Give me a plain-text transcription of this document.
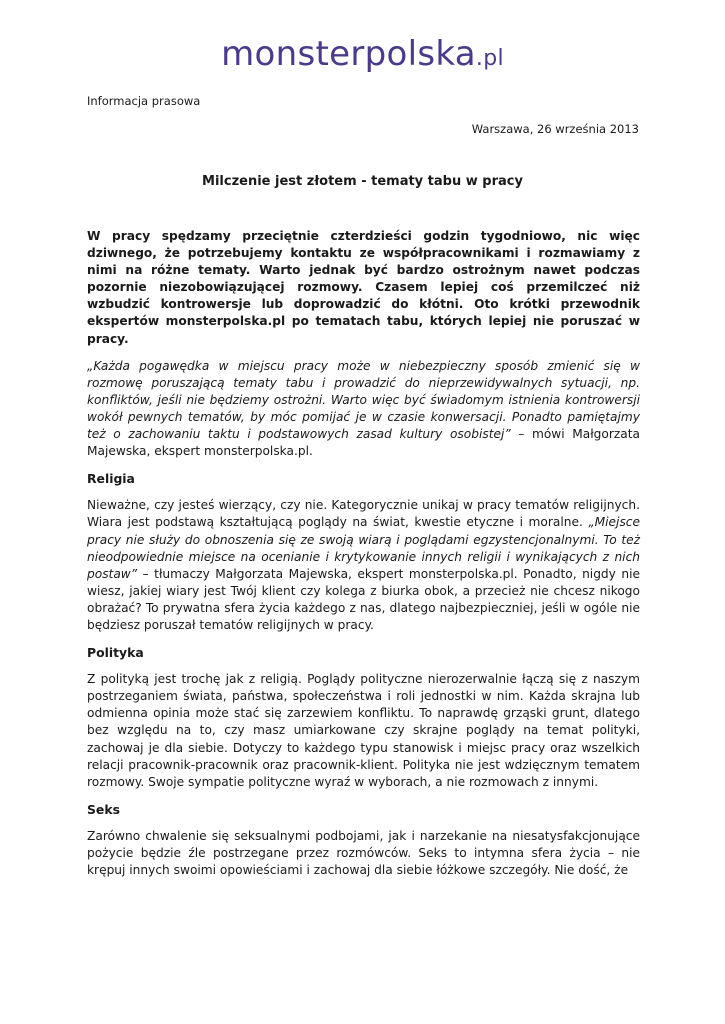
monsterpolska.pl
Informacja prasowa
Warszawa, 26 września 2013
Milczenie jest złotem - tematy tabu w pracy

W pracy spędzamy przeciętnie czterdzieści godzin tygodniowo, nic więc dziwnego, że potrzebujemy kontaktu ze współpracownikami i rozmawiamy z nimi na różne tematy. Warto jednak być bardzo ostrożnym nawet podczas pozornie niezobowiązującej rozmowy. Czasem lepiej coś przemilczeć niż wzbudzić kontrowersje lub doprowadzić do kłótni. Oto krótki przewodnik ekspertów monsterpolska.pl po tematach tabu, których lepiej nie poruszać w pracy.

„Każda pogawędka w miejscu pracy może w niebezpieczny sposób zmienić się w rozmowę poruszającą tematy tabu i prowadzić do nieprzewidywalnych sytuacji, np. konfliktów, jeśli nie będziemy ostrożni. Warto więc być świadomym istnienia kontrowersji wokół pewnych tematów, by móc pomijać je w czasie konwersacji. Ponadto pamiętajmy też o zachowaniu taktu i podstawowych zasad kultury osobistej” – mówi Małgorzata Majewska, ekspert monsterpolska.pl.

Religia

Nieważne, czy jesteś wierzący, czy nie. Kategorycznie unikaj w pracy tematów religijnych. Wiara jest podstawą kształtującą poglądy na świat, kwestie etyczne i moralne. „Miejsce pracy nie służy do obnoszenia się ze swoją wiarą i poglądami egzystencjonalnymi. To też nieodpowiednie miejsce na ocenianie i krytykowanie innych religii i wynikających z nich postaw” – tłumaczy Małgorzata Majewska, ekspert monsterpolska.pl. Ponadto, nigdy nie wiesz, jakiej wiary jest Twój klient czy kolega z biurka obok, a przecież nie chcesz nikogo obrażać? To prywatna sfera życia każdego z nas, dlatego najbezpieczniej, jeśli w ogóle nie będziesz poruszał tematów religijnych w pracy.

Polityka

Z polityką jest trochę jak z religią. Poglądy polityczne nierozerwalnie łączą się z naszym postrzeganiem świata, państwa, społeczeństwa i roli jednostki w nim. Każda skrajna lub odmienna opinia może stać się zarzewiem konfliktu. To naprawdę grząski grunt, dlatego bez względu na to, czy masz umiarkowane czy skrajne poglądy na temat polityki, zachowaj je dla siebie. Dotyczy to każdego typu stanowisk i miejsc pracy oraz wszelkich relacji pracownik-pracownik oraz pracownik-klient. Polityka nie jest wdzięcznym tematem rozmowy. Swoje sympatie polityczne wyraź w wyborach, a nie rozmowach z innymi.

Seks

Zarówno chwalenie się seksualnymi podbojami, jak i narzekanie na niesatysfakcjonujące pożycie będzie źle postrzegane przez rozmówców. Seks to intymna sfera życia – nie krępuj innych swoimi opowieściami i zachowaj dla siebie łóżkowe szczegóły. Nie dość, że
